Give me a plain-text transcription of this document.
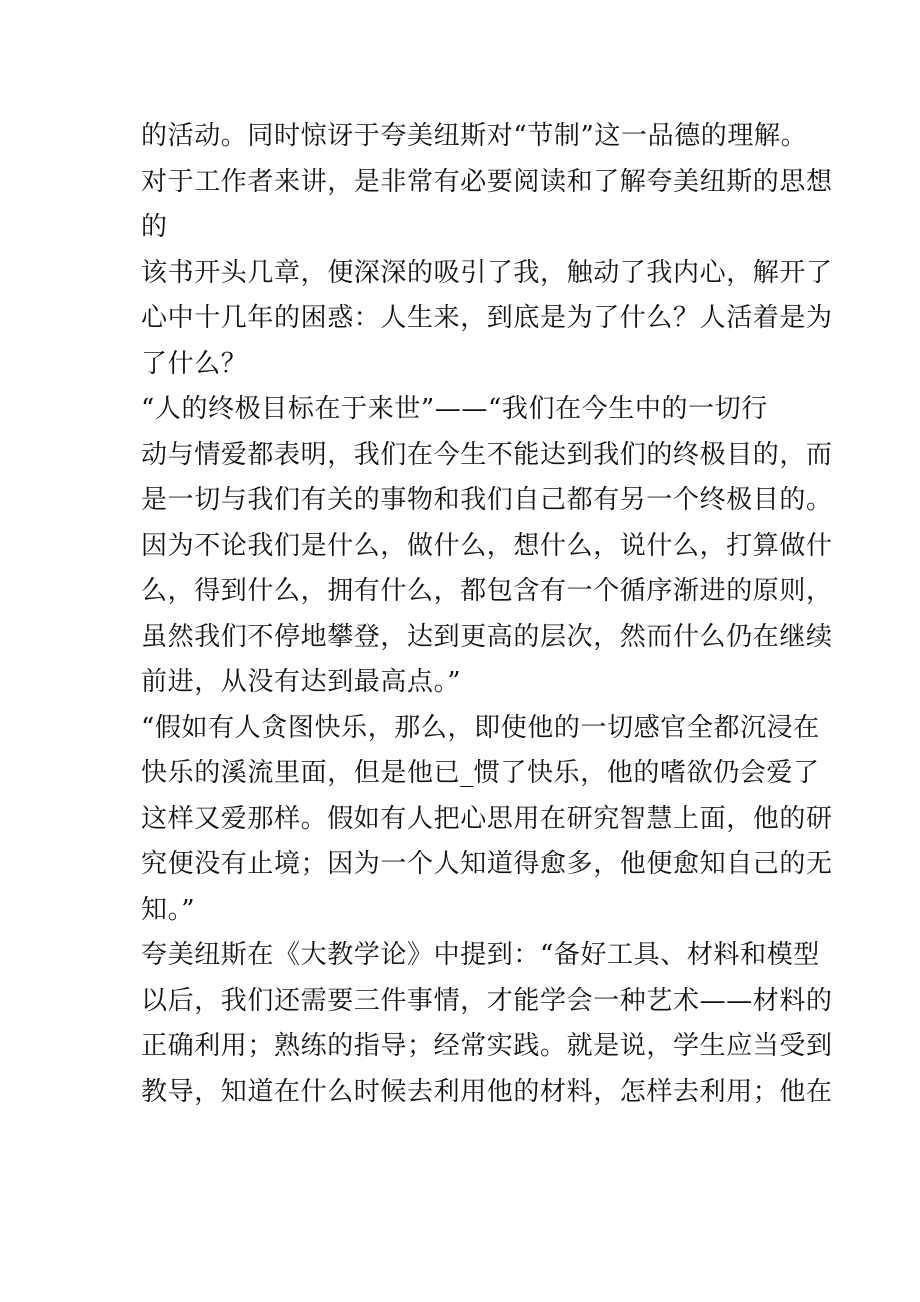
的活动。同时惊讶于夸美纽斯对“节制”这一品德的理解。
对于工作者来讲，是非常有必要阅读和了解夸美纽斯的思想
的
该书开头几章，便深深的吸引了我，触动了我内心，解开了
心中十几年的困惑：人生来，到底是为了什么？人活着是为
了什么？
“人的终极目标在于来世”——“我们在今生中的一切行
动与情爱都表明，我们在今生不能达到我们的终极目的，而
是一切与我们有关的事物和我们自己都有另一个终极目的。
因为不论我们是什么，做什么，想什么，说什么，打算做什
么，得到什么，拥有什么，都包含有一个循序渐进的原则，
虽然我们不停地攀登，达到更高的层次，然而什么仍在继续
前进，从没有达到最高点。”
“假如有人贪图快乐，那么，即使他的一切感官全都沉浸在
快乐的溪流里面，但是他已_惯了快乐，他的嗜欲仍会爱了
这样又爱那样。假如有人把心思用在研究智慧上面，他的研
究便没有止境；因为一个人知道得愈多，他便愈知自己的无
知。”
夸美纽斯在《大教学论》中提到：“备好工具、材料和模型
以后，我们还需要三件事情，才能学会一种艺术——材料的
正确利用；熟练的指导；经常实践。就是说，学生应当受到
教导，知道在什么时候去利用他的材料，怎样去利用；他在
